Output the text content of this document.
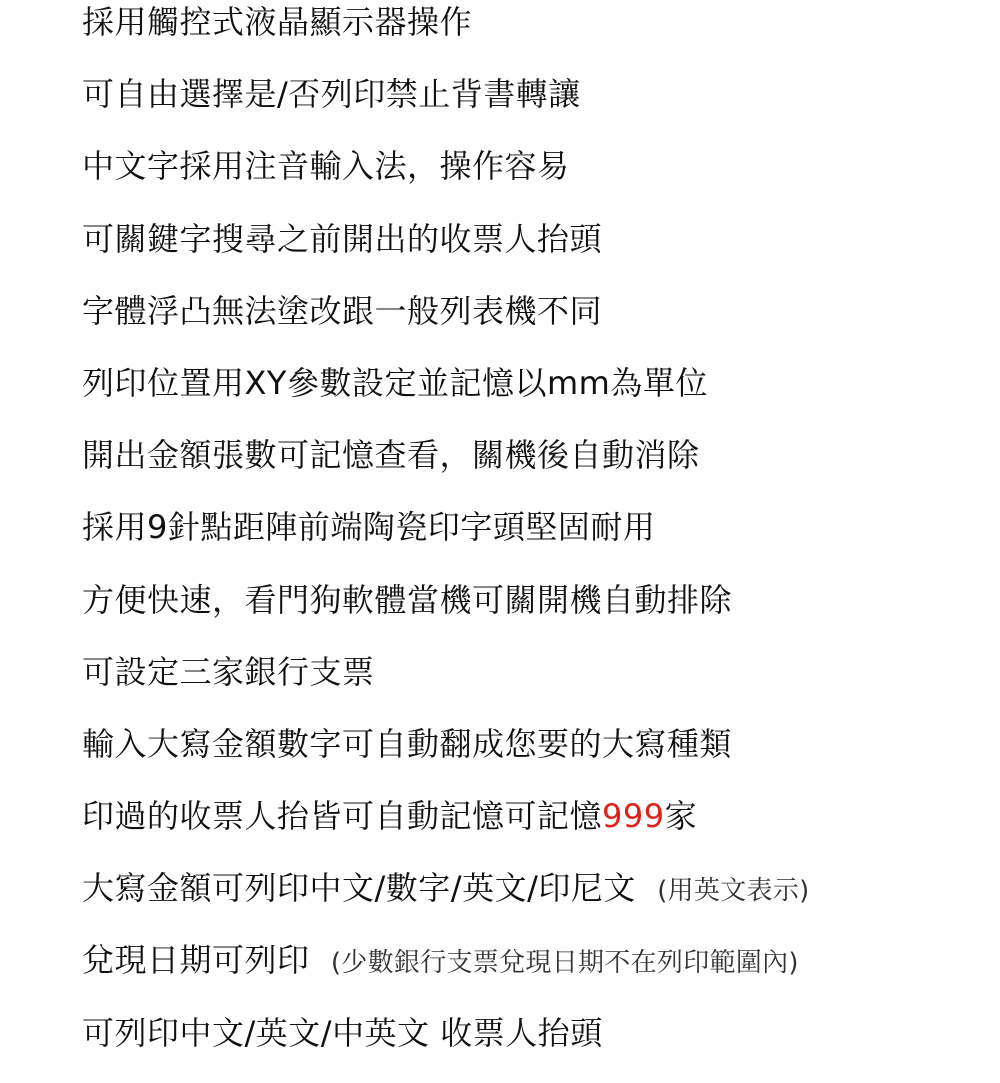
採用觸控式液晶顯示器操作
可自由選擇是/否列印禁止背書轉讓
中文字採用注音輸入法，操作容易
可關鍵字搜尋之前開出的收票人抬頭
字體浮凸無法塗改跟一般列表機不同
列印位置用XY參數設定並記憶以mm為單位
開出金額張數可記憶查看，關機後自動消除
採用9針點距陣前端陶瓷印字頭堅固耐用
方便快速，看門狗軟體當機可關開機自動排除
可設定三家銀行支票
輸入大寫金額數字可自動翻成您要的大寫種類
印過的收票人抬皆可自動記憶可記憶999家
大寫金額可列印中文/數字/英文/印尼文 (用英文表示)
兌現日期可列印 (少數銀行支票兌現日期不在列印範圍內)
可列印中文/英文/中英文 收票人抬頭
